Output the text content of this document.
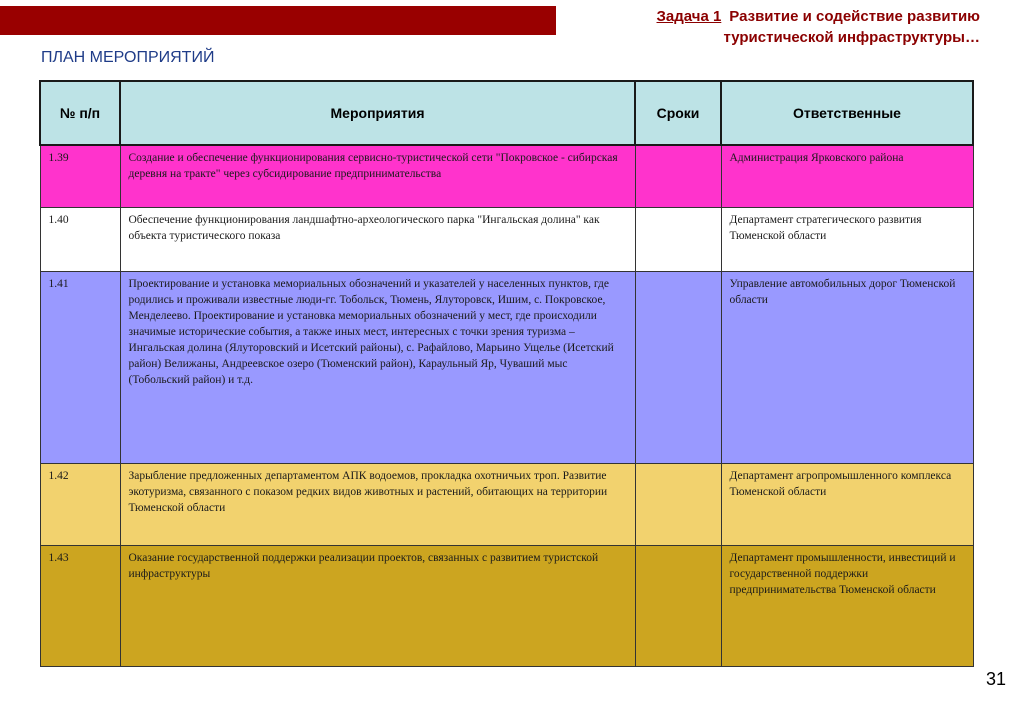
Задача 1 Развитие и содействие развитию
туристической инфраструктуры…
ПЛАН МЕРОПРИЯТИЙ
№ п/п	Мероприятия	Сроки	Ответственные
1.39	Создание и обеспечение функционирования сервисно-туристической сети "Покровское - сибирская деревня на тракте" через субсидирование предпринимательства		Администрация Ярковского района
1.40	Обеспечение функционирования ландшафтно-археологического парка "Ингальская долина" как объекта туристического показа		Департамент стратегического развития Тюменской области
1.41	Проектирование и установка мемориальных обозначений и указателей у населенных пунктов, где родились и проживали известные люди-гг. Тобольск, Тюмень, Ялуторовск, Ишим, с. Покровское, Менделеево. Проектирование и установка мемориальных обозначений у мест, где происходили значимые исторические события, а также иных мест, интересных с точки зрения туризма – Ингальская долина (Ялуторовский и Исетский районы), с. Рафайлово, Марьино Ущелье (Исетский район) Велижаны, Андреевское озеро (Тюменский район), Караульный Яр, Чуваший мыс (Тобольский район) и т.д.		Управление автомобильных дорог Тюменской области
1.42	Зарыбление предложенных департаментом АПК водоемов, прокладка охотничьих троп. Развитие экотуризма, связанного с показом редких видов животных и растений, обитающих на территории Тюменской области		Департамент агропромышленного комплекса Тюменской области
1.43	Оказание государственной поддержки реализации проектов, связанных с развитием туристской инфраструктуры		Департамент промышленности, инвестиций и государственной поддержки предпринимательства Тюменской области
31
